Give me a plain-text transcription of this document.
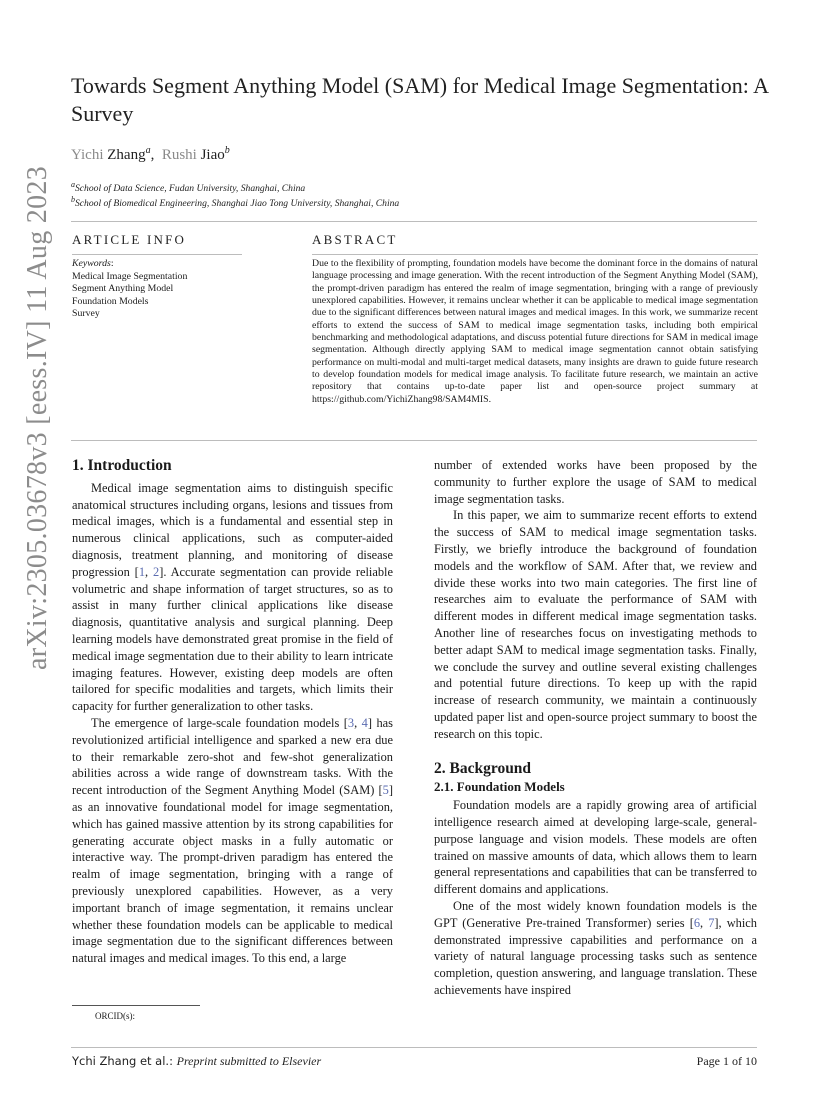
arXiv:2305.03678v3 [eess.IV] 11 Aug 2023
Towards Segment Anything Model (SAM) for Medical Image Segmentation: A Survey
Yichi Zhang$^a$,  Rushi Jiao$^b$
$^a$School of Data Science, Fudan University, Shanghai, China
$^b$School of Biomedical Engineering, Shanghai Jiao Tong University, Shanghai, China
ARTICLE INFO
Keywords:
Medical Image Segmentation
Segment Anything Model
Foundation Models
Survey
ABSTRACT
Due to the flexibility of prompting, foundation models have become the dominant force in the domains of natural language processing and image generation. With the recent introduction of the Segment Anything Model (SAM), the prompt-driven paradigm has entered the realm of image segmentation, bringing with a range of previously unexplored capabilities. However, it remains unclear whether it can be applicable to medical image segmentation due to the significant differences between natural images and medical images. In this work, we summarize recent efforts to extend the success of SAM to medical image segmentation tasks, including both empirical benchmarking and methodological adaptations, and discuss potential future directions for SAM in medical image segmentation. Although directly applying SAM to medical image segmentation cannot obtain satisfying performance on multi-modal and multi-target medical datasets, many insights are drawn to guide future research to develop foundation models for medical image analysis. To facilitate future research, we maintain an active repository that contains up-to-date paper list and open-source project summary at https://github.com/YichiZhang98/SAM4MIS.
1. Introduction

Medical image segmentation aims to distinguish specific anatomical structures including organs, lesions and tissues from medical images, which is a fundamental and essential step in numerous clinical applications, such as computer-aided diagnosis, treatment planning, and monitoring of disease progression [1, 2]. Accurate segmentation can provide reliable volumetric and shape information of target structures, so as to assist in many further clinical applications like disease diagnosis, quantitative analysis and surgical planning. Deep learning models have demonstrated great promise in the field of medical image segmentation due to their ability to learn intricate imaging features. However, existing deep models are often tailored for specific modalities and targets, which limits their capacity for further generalization to other tasks.

The emergence of large-scale foundation models [3, 4] has revolutionized artificial intelligence and sparked a new era due to their remarkable zero-shot and few-shot generalization abilities across a wide range of downstream tasks. With the recent introduction of the Segment Anything Model (SAM) [5] as an innovative foundational model for image segmentation, which has gained massive attention by its strong capabilities for generating accurate object masks in a fully automatic or interactive way. The prompt-driven paradigm has entered the realm of image segmentation, bringing with a range of previously unexplored capabilities. However, as a very important branch of image segmentation, it remains unclear whether these foundation models can be applicable to medical image segmentation due to the significant differences between natural images and medical images. To this end, a large

ORCID(s):

number of extended works have been proposed by the community to further explore the usage of SAM to medical image segmentation tasks.

In this paper, we aim to summarize recent efforts to extend the success of SAM to medical image segmentation tasks. Firstly, we briefly introduce the background of foundation models and the workflow of SAM. After that, we review and divide these works into two main categories. The first line of researches aim to evaluate the performance of SAM with different modes in different medical image segmentation tasks. Another line of researches focus on investigating methods to better adapt SAM to medical image segmentation tasks. Finally, we conclude the survey and outline several existing challenges and potential future directions. To keep up with the rapid increase of research community, we maintain a continuously updated paper list and open-source project summary to boost the research on this topic.

2. Background
2.1. Foundation Models

Foundation models are a rapidly growing area of artificial intelligence research aimed at developing large-scale, general-purpose language and vision models. These models are often trained on massive amounts of data, which allows them to learn general representations and capabilities that can be transferred to different domains and applications.

One of the most widely known foundation models is the GPT (Generative Pre-trained Transformer) series [6, 7], which demonstrated impressive capabilities and performance on a variety of natural language processing tasks such as sentence completion, question answering, and language translation. These achievements have inspired

Ychi Zhang et al.: Preprint submitted to Elsevier	Page 1 of 10
